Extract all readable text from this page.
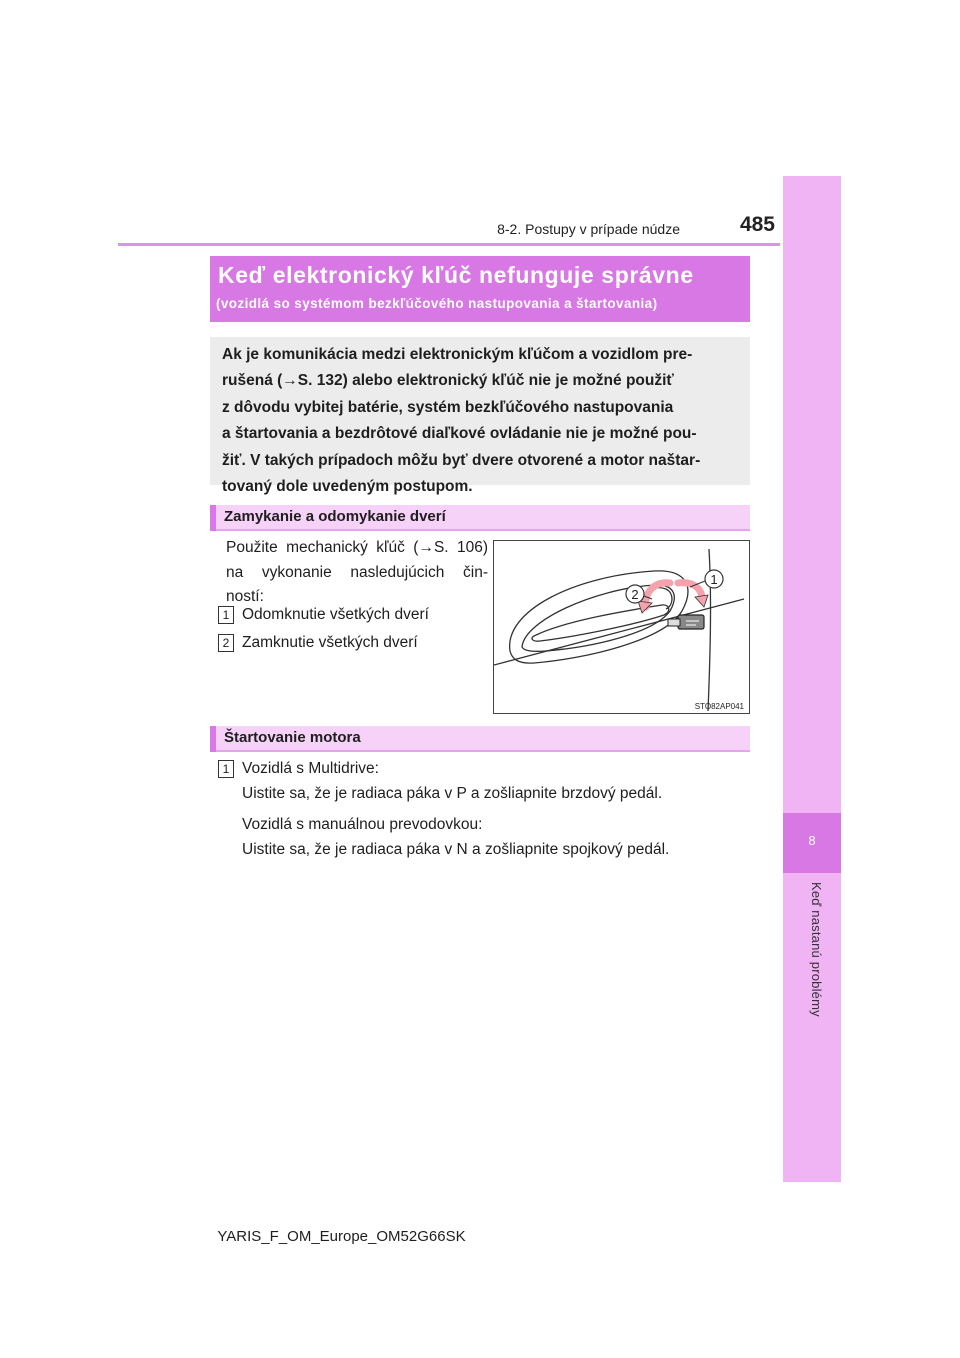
8
Keď nastanú problémy
8-2. Postupy v prípade núdze	485
Keď elektronický kľúč nefunguje správne
(vozidlá so systémom bezkľúčového nastupovania a štartovania)
Ak je komunikácia medzi elektronickým kľúčom a vozidlom pre-
rušená (→S. 132) alebo elektronický kľúč nie je možné použiť
z dôvodu vybitej batérie, systém bezkľúčového nastupovania
a štartovania a bezdrôtové diaľkové ovládanie nie je možné pou-
žiť. V takých prípadoch môžu byť dvere otvorené a motor naštar-
tovaný dole uvedeným postupom.
Zamykanie a odomykanie dverí
Použite mechanický kľúč (→S. 106)
na vykonanie nasledujúcich čin-
ností:
1 Odomknutie všetkých dverí
2 Zamknutie všetkých dverí
1
2
STO82AP041
Štartovanie motora
1 Vozidlá s Multidrive:
Uistite sa, že je radiaca páka v P a zošliapnite brzdový pedál.
Vozidlá s manuálnou prevodovkou:
Uistite sa, že je radiaca páka v N a zošliapnite spojkový pedál.
YARIS_F_OM_Europe_OM52G66SK
